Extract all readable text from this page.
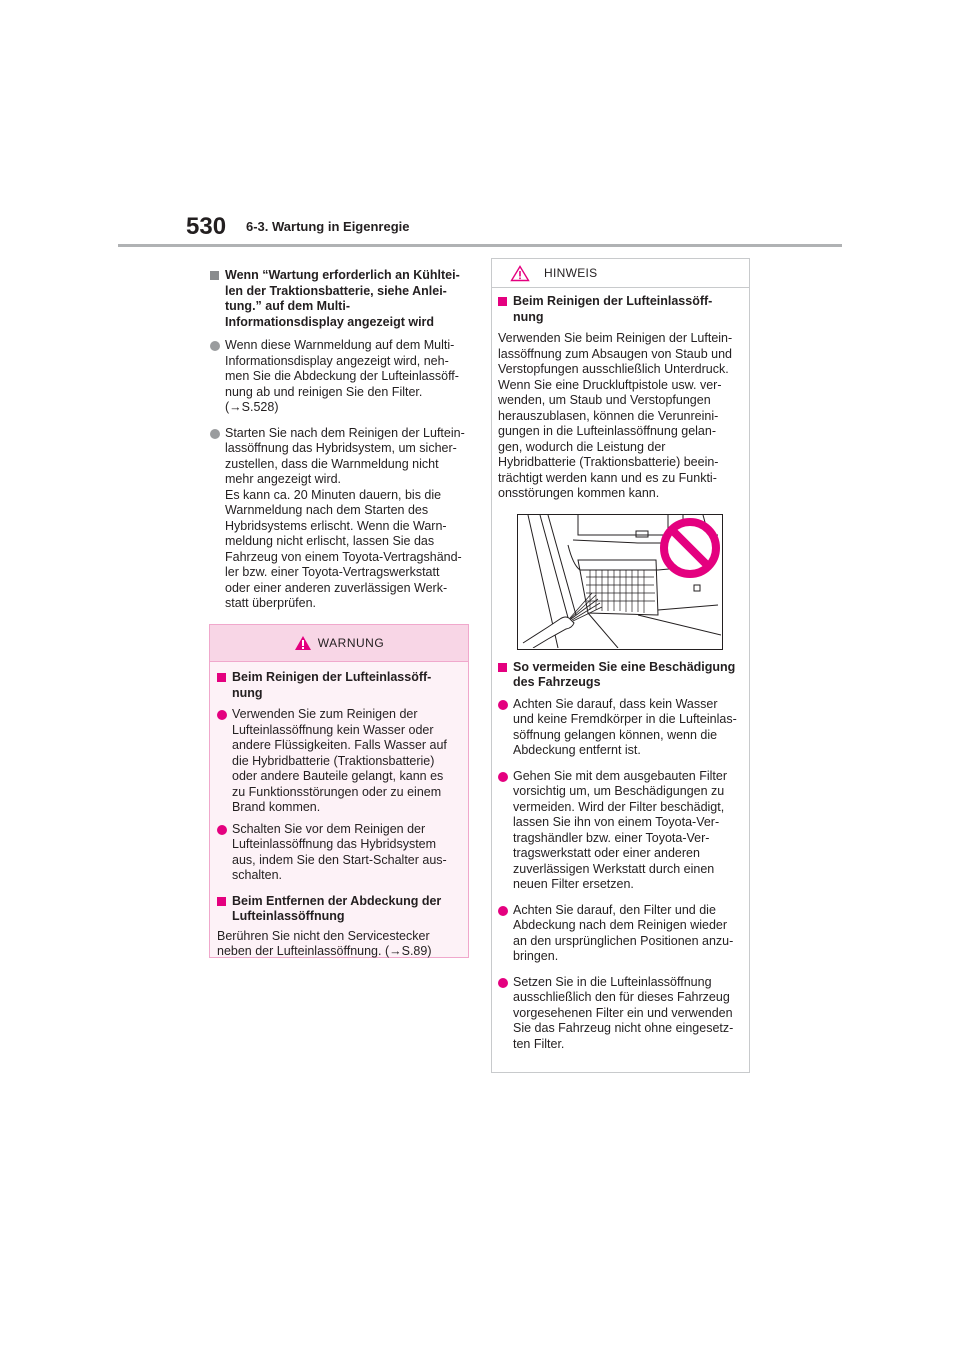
530 6-3. Wartung in Eigenregie
Wenn “Wartung erforderlich an Kühltei-
len der Traktionsbatterie, siehe Anlei-
tung.” auf dem Multi-
Informationsdisplay angezeigt wird
Wenn diese Warnmeldung auf dem Multi-
Informationsdisplay angezeigt wird, neh-
men Sie die Abdeckung der Lufteinlassöff-
nung ab und reinigen Sie den Filter.
(→S.528)
Starten Sie nach dem Reinigen der Luftein-
lassöffnung das Hybridsystem, um sicher-
zustellen, dass die Warnmeldung nicht
mehr angezeigt wird.
Es kann ca. 20 Minuten dauern, bis die
Warnmeldung nach dem Starten des
Hybridsystems erlischt. Wenn die Warn-
meldung nicht erlischt, lassen Sie das
Fahrzeug von einem Toyota-Vertragshänd-
ler bzw. einer Toyota-Vertragswerkstatt
oder einer anderen zuverlässigen Werk-
statt überprüfen.
WARNUNG
Beim Reinigen der Lufteinlassöff-
nung
Verwenden Sie zum Reinigen der
Lufteinlassöffnung kein Wasser oder
andere Flüssigkeiten. Falls Wasser auf
die Hybridbatterie (Traktionsbatterie)
oder andere Bauteile gelangt, kann es
zu Funktionsstörungen oder zu einem
Brand kommen.
Schalten Sie vor dem Reinigen der
Lufteinlassöffnung das Hybridsystem
aus, indem Sie den Start-Schalter aus-
schalten.
Beim Entfernen der Abdeckung der
Lufteinlassöffnung
Berühren Sie nicht den Servicestecker
neben der Lufteinlassöffnung. (→S.89)
HINWEIS
Beim Reinigen der Lufteinlassöff-
nung
Verwenden Sie beim Reinigen der Luftein-
lassöffnung zum Absaugen von Staub und
Verstopfungen ausschließlich Unterdruck.
Wenn Sie eine Druckluftpistole usw. ver-
wenden, um Staub und Verstopfungen
herauszublasen, können die Verunreini-
gungen in die Lufteinlassöffnung gelan-
gen, wodurch die Leistung der
Hybridbatterie (Traktionsbatterie) beein-
trächtigt werden kann und es zu Funkti-
onsstörungen kommen kann.
So vermeiden Sie eine Beschädigung
des Fahrzeugs
Achten Sie darauf, dass kein Wasser
und keine Fremdkörper in die Lufteinlas-
söffnung gelangen können, wenn die
Abdeckung entfernt ist.
Gehen Sie mit dem ausgebauten Filter
vorsichtig um, um Beschädigungen zu
vermeiden. Wird der Filter beschädigt,
lassen Sie ihn von einem Toyota-Ver-
tragshändler bzw. einer Toyota-Ver-
tragswerkstatt oder einer anderen
zuverlässigen Werkstatt durch einen
neuen Filter ersetzen.
Achten Sie darauf, den Filter und die
Abdeckung nach dem Reinigen wieder
an den ursprünglichen Positionen anzu-
bringen.
Setzen Sie in die Lufteinlassöffnung
ausschließlich den für dieses Fahrzeug
vorgesehenen Filter ein und verwenden
Sie das Fahrzeug nicht ohne eingesetz-
ten Filter.
